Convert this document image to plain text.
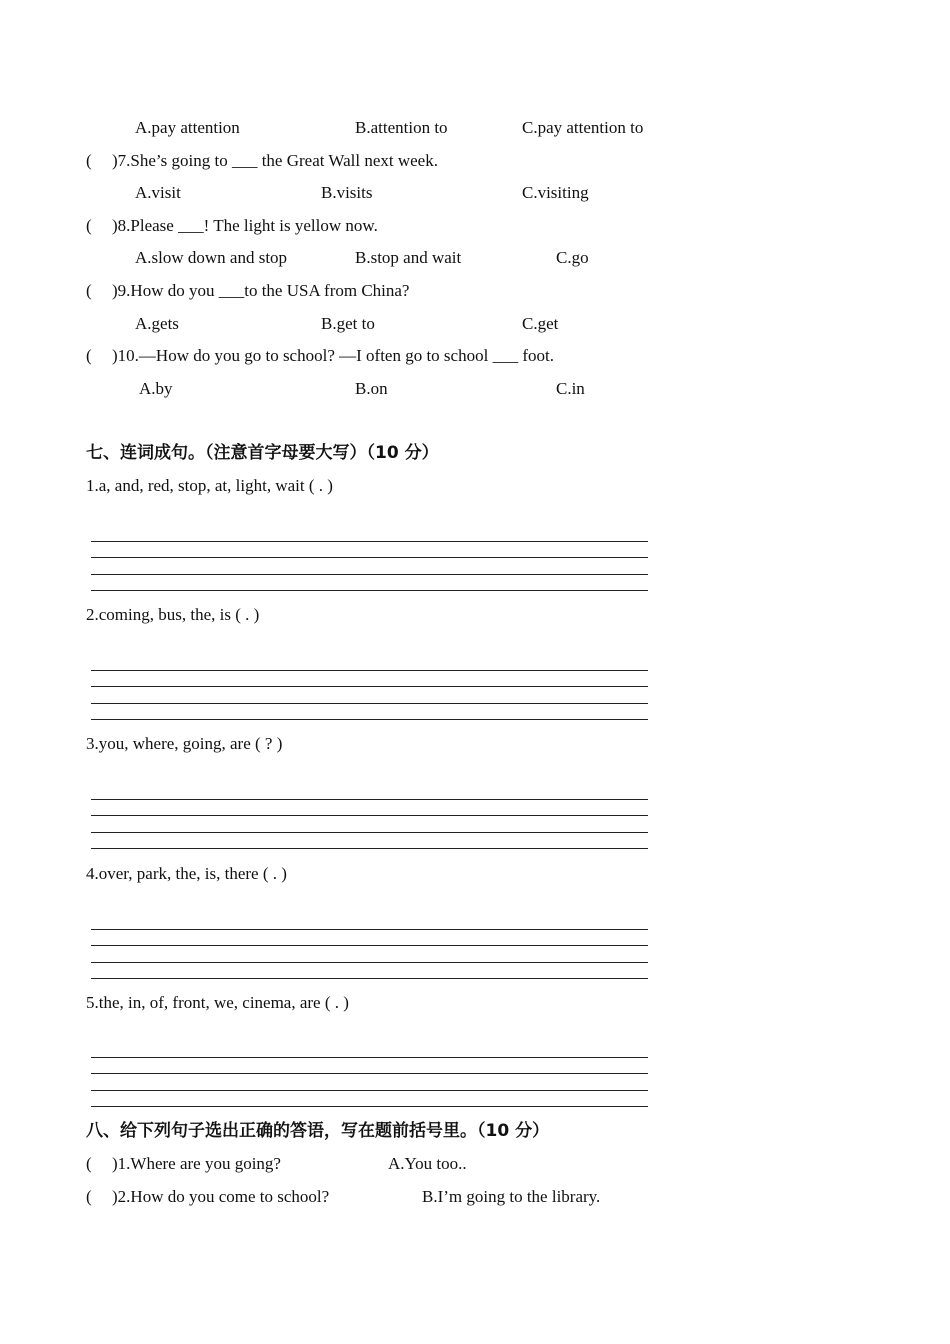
A.pay attention	B.attention to	C.pay attention to
( )7.She’s going to ___ the Great Wall next week.
A.visit	B.visits	C.visiting
( )8.Please ___! The light is yellow now.
A.slow down and stop	B.stop and wait	C.go
( )9.How do you ___to the USA from China?
A.gets	B.get to	C.get
( )10.—How do you go to school? —I often go to school ___ foot.
A.by	B.on	C.in
七、连词成句。（注意首字母要大写）（10 分）
1.a, and, red, stop, at, light, wait ( . )
2.coming, bus, the, is ( . )
3.you, where, going, are ( ? )
4.over, park, the, is, there ( . )
5.the, in, of, front, we, cinema, are ( . )
八、给下列句子选出正确的答语，写在题前括号里。（10 分）
( )1.Where are you going?	A.You too..
( )2.How do you come to school?	B.I’m going to the library.
